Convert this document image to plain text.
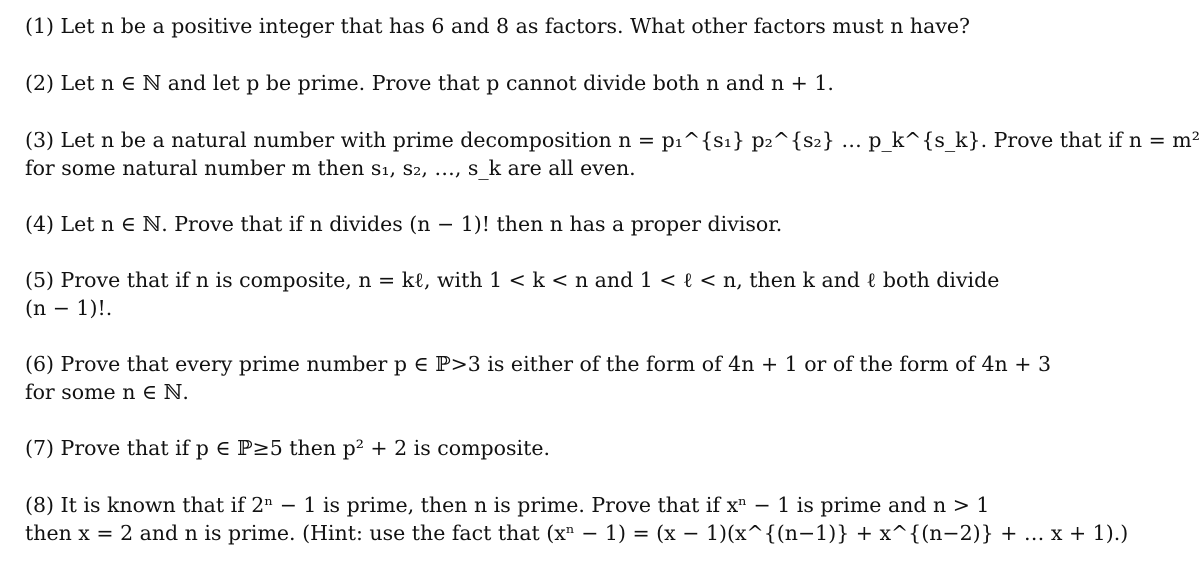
(1) Let n be a positive integer that has 6 and 8 as factors. What other factors must n have?
(2) Let n ∈ ℕ and let p be prime. Prove that p cannot divide both n and n + 1.
(3) Let n be a natural number with prime decomposition n = p₁^{s₁} p₂^{s₂} … p_k^{s_k}. Prove that if n = m²
for some natural number m then s₁, s₂, …, s_k are all even.
(4) Let n ∈ ℕ. Prove that if n divides (n − 1)! then n has a proper divisor.
(5) Prove that if n is composite, n = kℓ, with 1 < k < n and 1 < ℓ < n, then k and ℓ both divide
(n − 1)!.
(6) Prove that every prime number p ∈ ℙ>3 is either of the form of 4n + 1 or of the form of 4n + 3
for some n ∈ ℕ.
(7) Prove that if p ∈ ℙ≥5 then p² + 2 is composite.
(8) It is known that if 2ⁿ − 1 is prime, then n is prime. Prove that if xⁿ − 1 is prime and n > 1
then x = 2 and n is prime. (Hint: use the fact that (xⁿ − 1) = (x − 1)(x^{(n−1)} + x^{(n−2)} + … x + 1).)
